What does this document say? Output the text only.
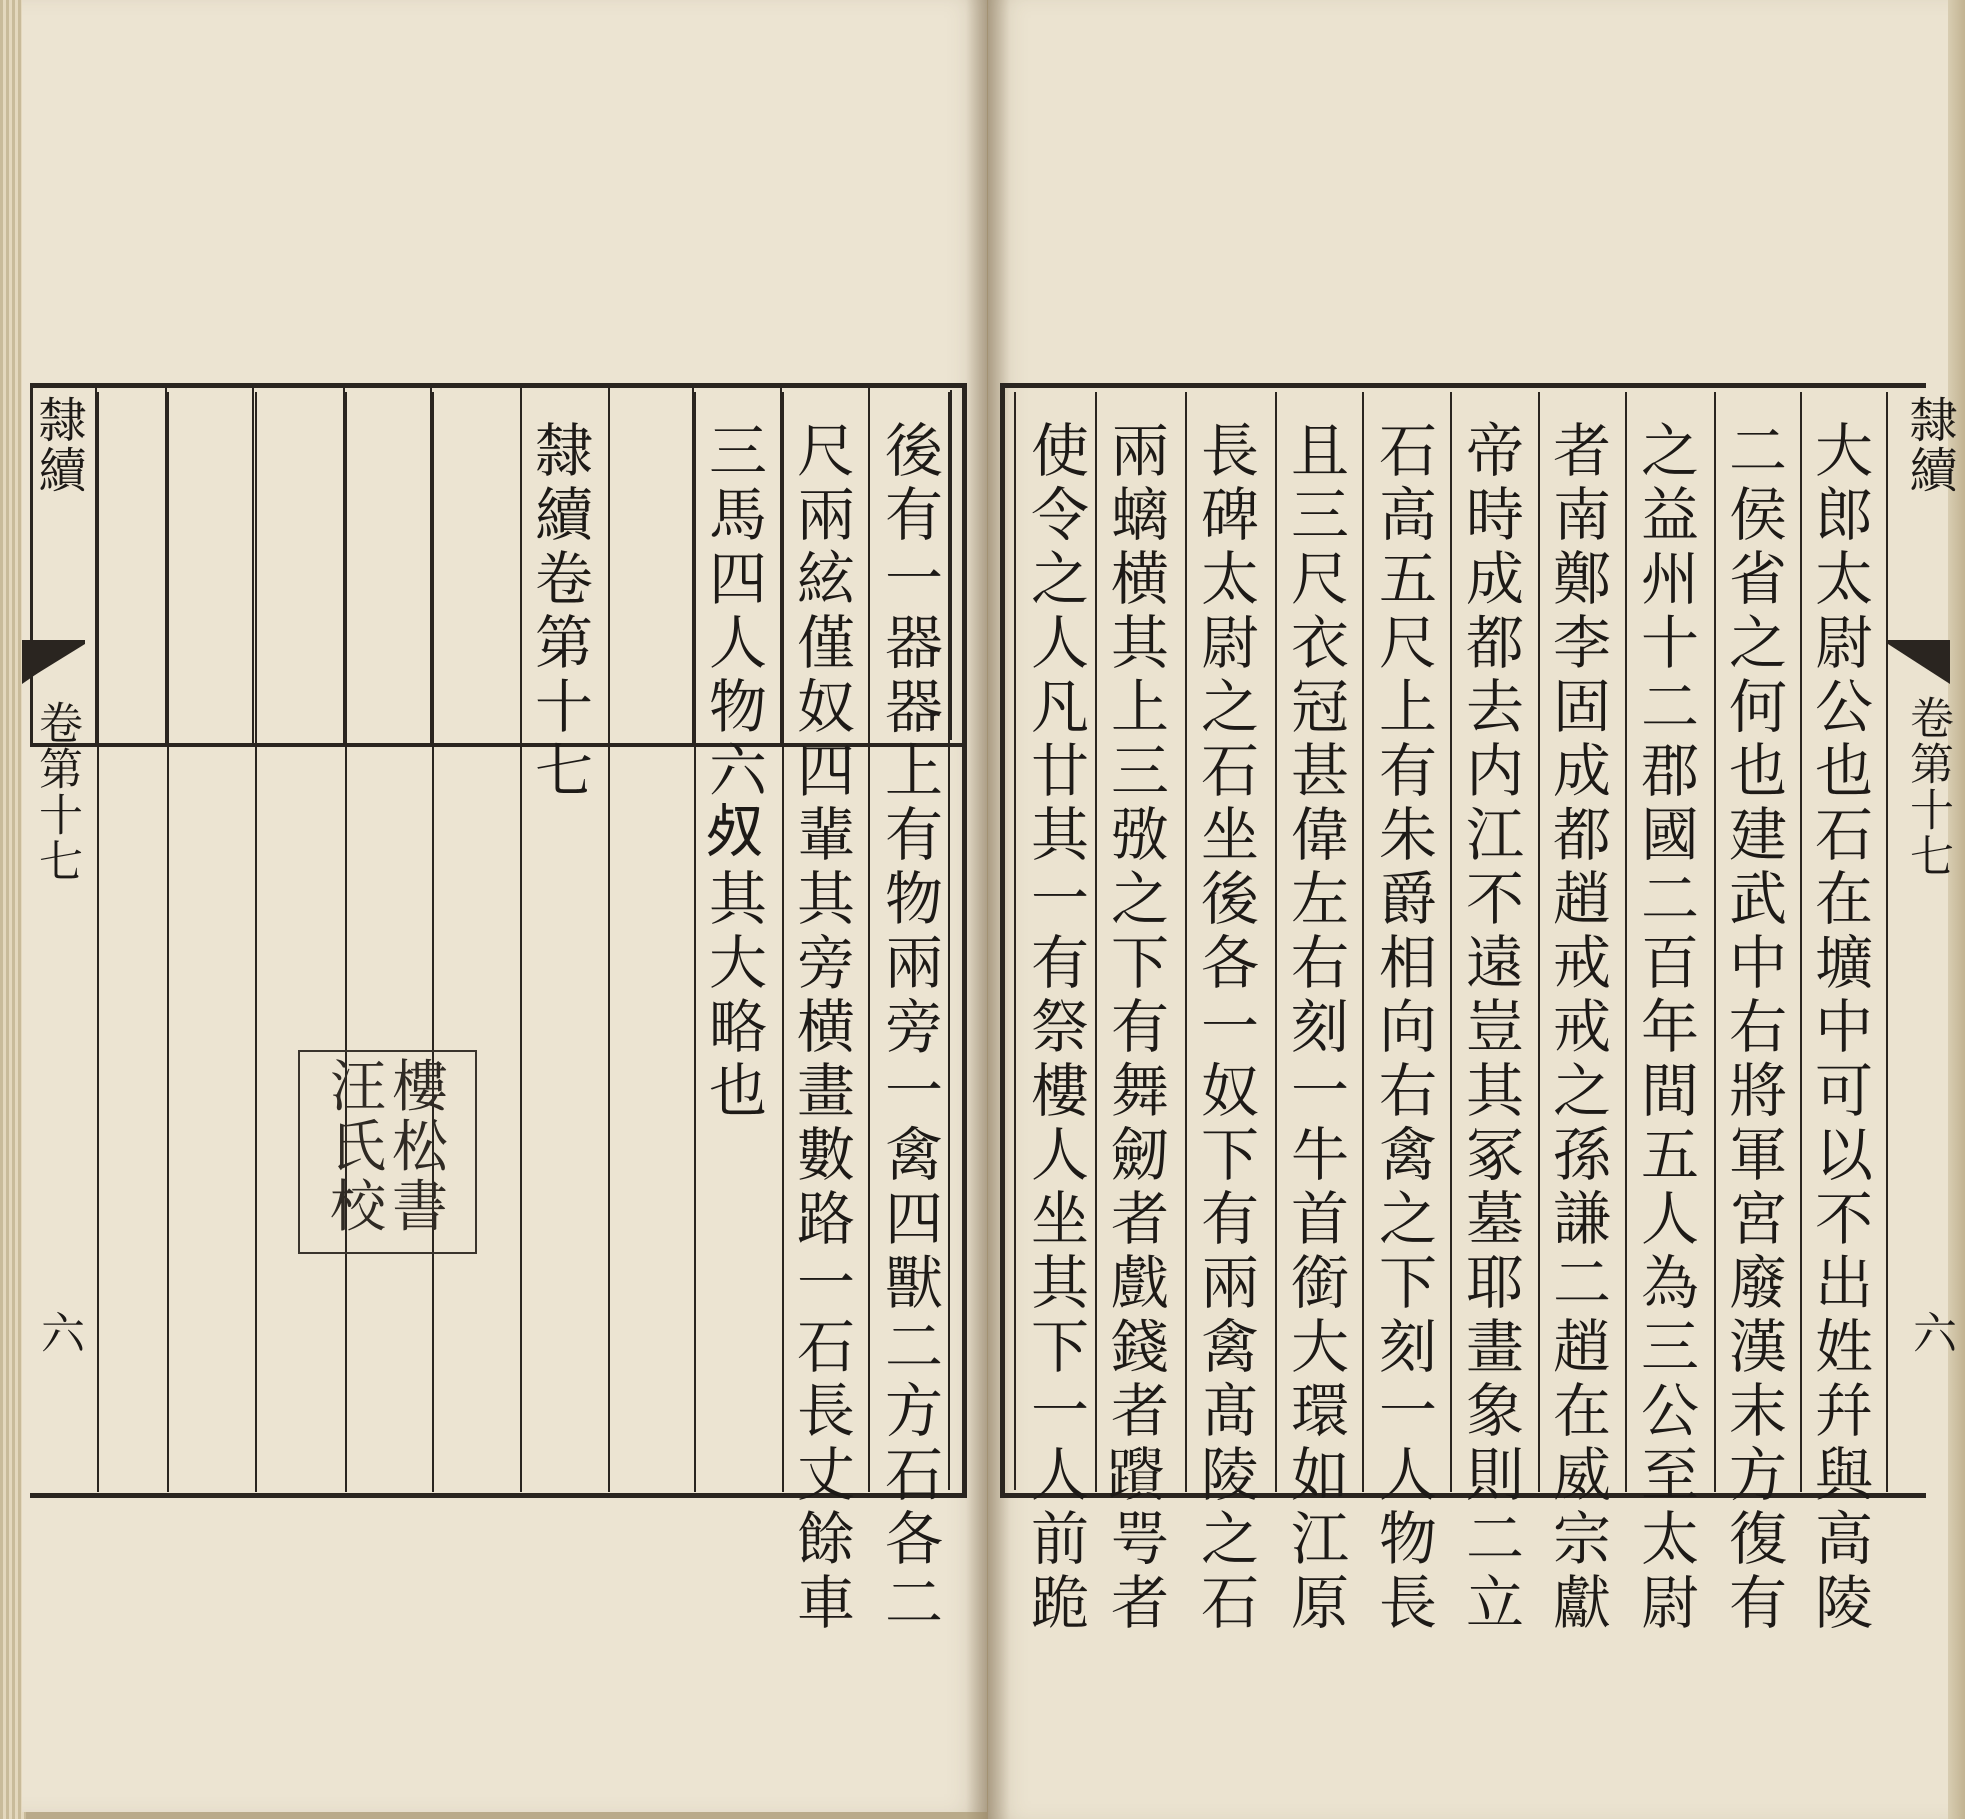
隸續
卷第十七
六
隸續
卷第十七
六
後有一器器上有物兩旁一禽四獸二方石各二
尺兩絃僅奴四輩其旁横畫數路一石長丈餘車
三馬四人物六𣦼其大略也
隸續卷第十七
樓
松
書
汪
氏
校	大郎太尉公也石在壙中可以不出姓幷與高陵
二侯省之何也建武中右將軍宮廢漢末方復有
之益州十二郡國二百年間五人為三公至太尉
者南鄭李固成都趙戒戒之孫謙二趙在威宗獻
帝時成都去内江不遠豈其冢墓耶畫象則二立
石高五尺上有朱爵相向右禽之下刻一人物長
且三尺衣冠甚偉左右刻一牛首銜大環如江原
長碑太尉之石坐後各一奴下有兩禽髙陵之石
兩螭横其上三㢸之下有舞劒者戲錢者𨇚咢者
使令之人凡廿其一有祭樓人坐其下一人前跪
